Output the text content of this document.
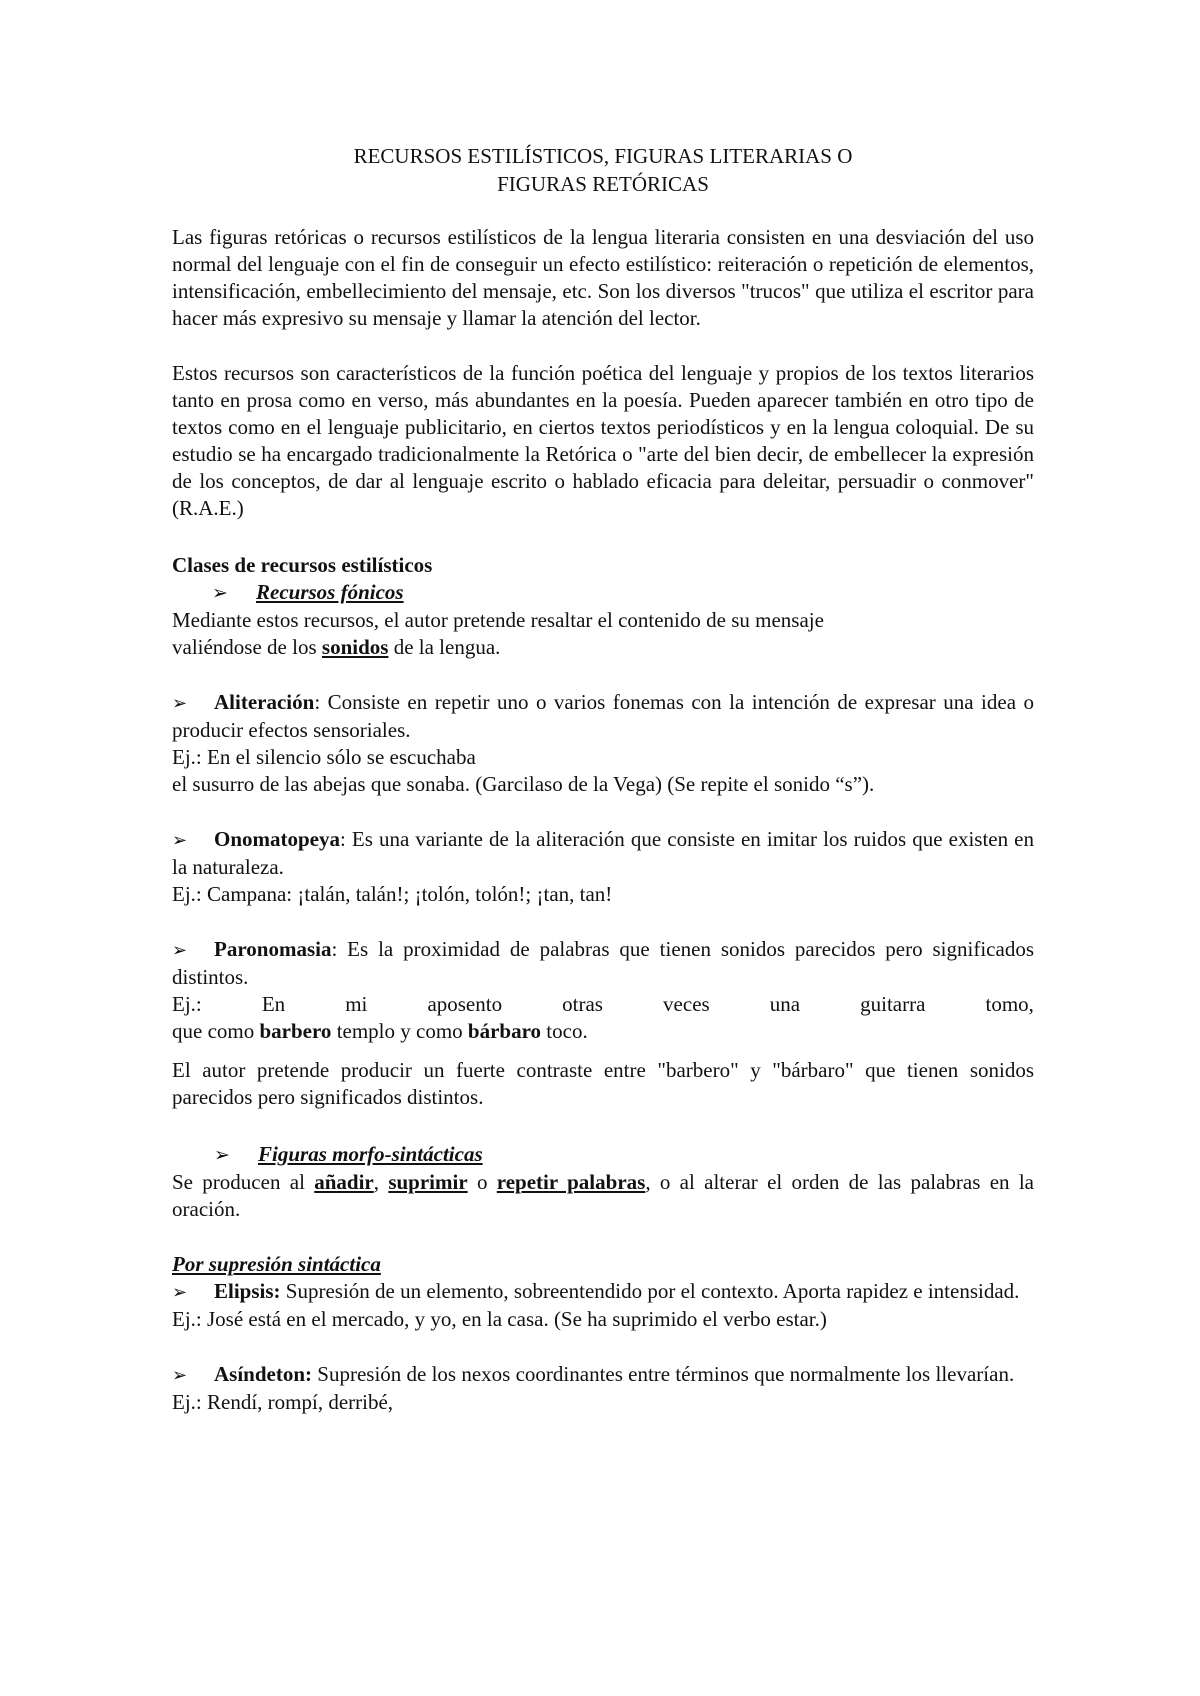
RECURSOS ESTILÍSTICOS, FIGURAS LITERARIAS O
FIGURAS RETÓRICAS

Las figuras retóricas o recursos estilísticos de la lengua literaria consisten en una desviación del uso normal del lenguaje con el fin de conseguir un efecto estilístico: reiteración o repetición de elementos, intensificación, embellecimiento del mensaje, etc. Son los diversos "trucos" que utiliza el escritor para hacer más expresivo su mensaje y llamar la atención del lector.

Estos recursos son característicos de la función poética del lenguaje y propios de los textos literarios tanto en prosa como en verso, más abundantes en la poesía. Pueden aparecer también en otro tipo de textos como en el lenguaje publicitario, en ciertos textos periodísticos y en la lengua coloquial. De su estudio se ha encargado tradicionalmente la Retórica o "arte del bien decir, de embellecer la expresión de los conceptos, de dar al lenguaje escrito o hablado eficacia para deleitar, persuadir o conmover" (R.A.E.)

Clases de recursos estilísticos

➢ Recursos fónicos

Mediante estos recursos, el autor pretende resaltar el contenido de su mensaje

valiéndose de los sonidos de la lengua.

➢ Aliteración: Consiste en repetir uno o varios fonemas con la intención de expresar una idea o producir efectos sensoriales.

Ej.: En el silencio sólo se escuchaba

el susurro de las abejas que sonaba. (Garcilaso de la Vega) (Se repite el sonido “s”).

➢ Onomatopeya: Es una variante de la aliteración que consiste en imitar los ruidos que existen en la naturaleza.

Ej.: Campana: ¡talán, talán!; ¡tolón, tolón!; ¡tan, tan!

➢ Paronomasia: Es la proximidad de palabras que tienen sonidos parecidos pero significados distintos.

Ej.:	En	mi	aposento	otras	veces	una	guitarra	tomo,

que como barbero templo y como bárbaro toco.

El autor pretende producir un fuerte contraste entre "barbero" y "bárbaro" que tienen sonidos parecidos pero significados distintos.

➢ Figuras morfo-sintácticas

Se producen al añadir, suprimir o repetir palabras, o al alterar el orden de las palabras en la oración.

Por supresión sintáctica

➢ Elipsis: Supresión de un elemento, sobreentendido por el contexto. Aporta rapidez e intensidad.

Ej.: José está en el mercado, y yo, en la casa. (Se ha suprimido el verbo estar.)

➢ Asíndeton: Supresión de los nexos coordinantes entre términos que normalmente los llevarían.

Ej.: Rendí, rompí, derribé,
